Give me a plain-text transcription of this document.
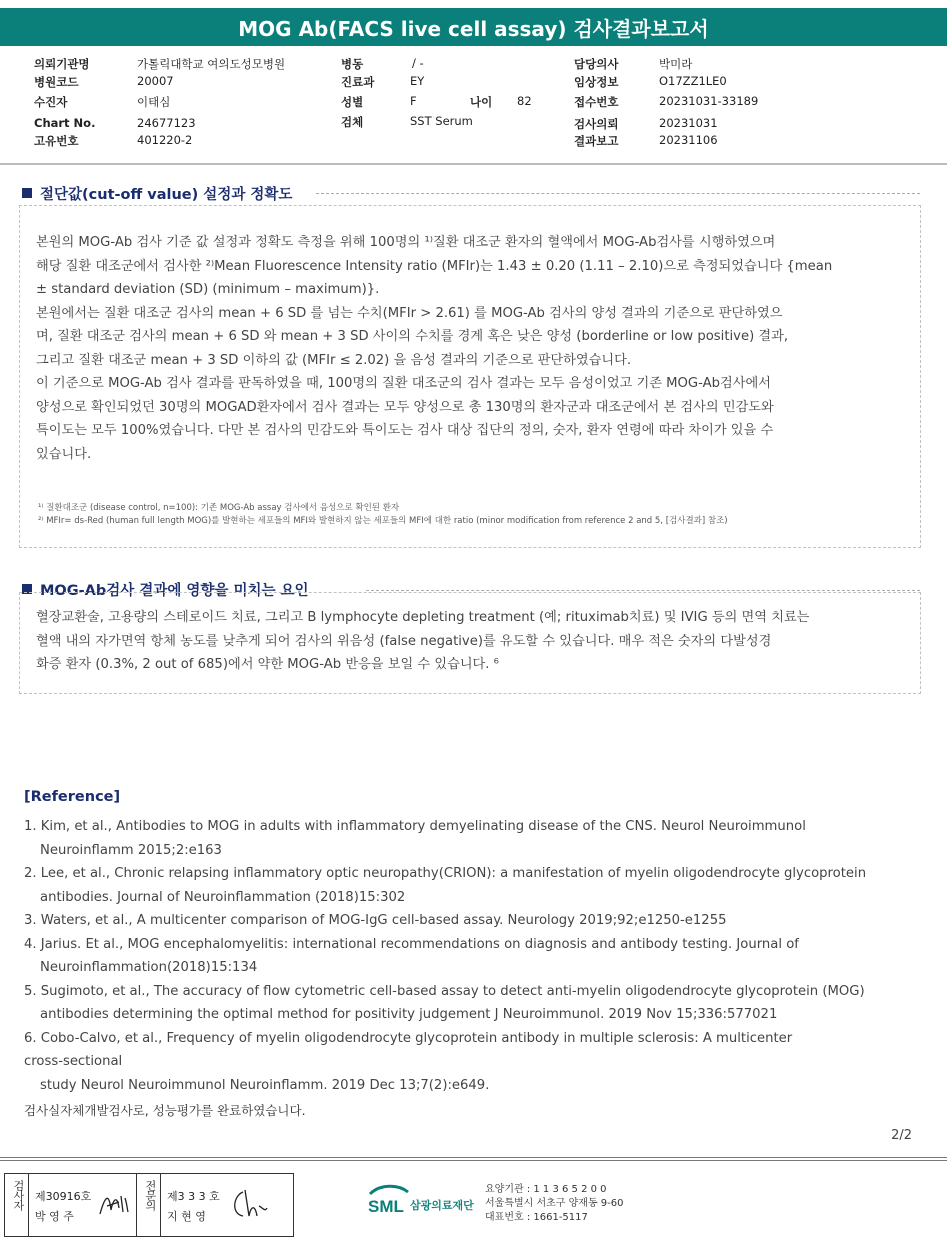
MOG Ab(FACS live cell assay) 검사결과보고서
의뢰기관명	가톨릭대학교 여의도성모병원
병원코드	20007
수진자	이태심
Chart No.	24677123
고유번호	401220-2
병동	/ -
진료과	EY
성별	F	나이 82
검체	SST Serum
담당의사	박미라
임상정보	O17ZZ1LE0
접수번호	20231031-33189
검사의뢰	20231031
결과보고	20231106
절단값(cut-off value) 설정과 정확도

본원의 MOG-Ab 검사 기준 값 설정과 정확도 측정을 위해 100명의 ¹⁾질환 대조군 환자의 혈액에서 MOG-Ab검사를 시행하였으며

해당 질환 대조군에서 검사한 ²⁾Mean Fluorescence Intensity ratio (MFIr)는 1.43 ± 0.20 (1.11 – 2.10)으로 측정되었습니다 {mean

± standard deviation (SD) (minimum – maximum)}.

본원에서는 질환 대조군 검사의 mean + 6 SD 를 넘는 수치(MFIr > 2.61) 를 MOG-Ab 검사의 양성 결과의 기준으로 판단하였으

며, 질환 대조군 검사의 mean + 6 SD 와 mean + 3 SD 사이의 수치를 경계 혹은 낮은 양성 (borderline or low positive) 결과,

그리고 질환 대조군 mean + 3 SD 이하의 값 (MFIr ≤ 2.02) 을 음성 결과의 기준으로 판단하였습니다.

이 기준으로 MOG-Ab 검사 결과를 판독하였을 때, 100명의 질환 대조군의 검사 결과는 모두 음성이었고 기존 MOG-Ab검사에서

양성으로 확인되었던 30명의 MOGAD환자에서 검사 결과는 모두 양성으로 총 130명의 환자군과 대조군에서 본 검사의 민감도와

특이도는 모두 100%였습니다. 다만 본 검사의 민감도와 특이도는 검사 대상 집단의 정의, 숫자, 환자 연령에 따라 차이가 있을 수

있습니다.

¹⁾ 질환대조군 (disease control, n=100): 기존 MOG-Ab assay 검사에서 음성으로 확인된 환자
²⁾ MFIr= ds-Red (human full length MOG)를 발현하는 세포들의 MFI와 발현하지 않는 세포들의 MFI에 대한 ratio (minor modification from reference 2 and 5, [검사결과] 참조)
MOG-Ab검사 결과에 영향을 미치는 요인

혈장교환술, 고용량의 스테로이드 치료, 그리고 B lymphocyte depleting treatment (예; rituximab치료) 및 IVIG 등의 면역 치료는

혈액 내의 자가면역 항체 농도를 낮추게 되어 검사의 위음성 (false negative)를 유도할 수 있습니다. 매우 적은 숫자의 다발성경

화증 환자 (0.3%, 2 out of 685)에서 약한 MOG-Ab 반응을 보일 수 있습니다. ⁶

[Reference]

1. Kim, et al., Antibodies to MOG in adults with inflammatory demyelinating disease of the CNS. Neurol Neuroimmunol

Neuroinflamm 2015;2:e163

2. Lee, et al., Chronic relapsing inflammatory optic neuropathy(CRION): a manifestation of myelin oligodendrocyte glycoprotein

antibodies. Journal of Neuroinflammation (2018)15:302

3. Waters, et al., A multicenter comparison of MOG-IgG cell-based assay. Neurology 2019;92;e1250-e1255

4. Jarius. Et al., MOG encephalomyelitis: international recommendations on diagnosis and antibody testing. Journal of

Neuroinflammation(2018)15:134

5. Sugimoto, et al., The accuracy of flow cytometric cell-based assay to detect anti-myelin oligodendrocyte glycoprotein (MOG)

antibodies determining the optimal method for positivity judgement J Neuroimmunol. 2019 Nov 15;336:577021

6. Cobo-Calvo, et al., Frequency of myelin oligodendrocyte glycoprotein antibody in multiple sclerosis: A multicenter

cross-sectional

study Neurol Neuroimmunol Neuroinflamm. 2019 Dec 13;7(2):e649.

검사실자체개발검사로, 성능평가를 완료하였습니다.
2/2
검사자 제30916호
박 영 주
전문의 제3 3 3 호
지 현 영
SML 삼광의료재단

요양기관 : 1 1 3 6 5 2 0 0

서울특별시 서초구 양재동 9-60

대표번호 : 1661-5117
